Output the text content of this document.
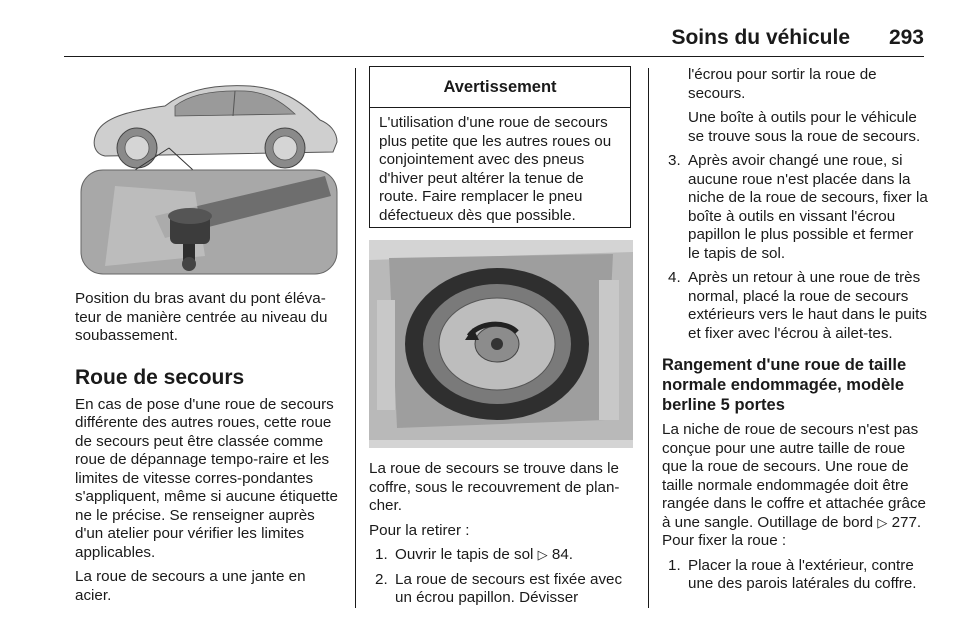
Soins du véhicule 293

Position du bras avant du pont éléva-teur de manière centrée au niveau du soubassement.

Roue de secours

En cas de pose d'une roue de secours différente des autres roues, cette roue de secours peut être classée comme roue de dépannage tempo-raire et les limites de vitesse corres-pondantes s'appliquent, même si aucune étiquette ne le précise. Se renseigner auprès d'un atelier pour vérifier les limites applicables.

La roue de secours a une jante en acier.

Avertissement
L'utilisation d'une roue de secours plus petite que les autres roues ou conjointement avec des pneus d'hiver peut altérer la tenue de route. Faire remplacer le pneu défectueux dès que possible.

La roue de secours se trouve dans le coffre, sous le recouvrement de plan-cher.

Pour la retirer :

1. Ouvrir le tapis de sol ▷ 84.
2. La roue de secours est fixée avec un écrou papillon. Dévisser

l'écrou pour sortir la roue de secours.

Une boîte à outils pour le véhicule se trouve sous la roue de secours.

3. Après avoir changé une roue, si aucune roue n'est placée dans la niche de la roue de secours, fixer la boîte à outils en vissant l'écrou papillon le plus possible et fermer le tapis de sol.
4. Après un retour à une roue de très normal, placé la roue de secours extérieurs vers le haut dans le puits et fixer avec l'écrou à ailet-tes.
Rangement d'une roue de taille normale endommagée, modèle berline 5 portes

La niche de roue de secours n'est pas conçue pour une autre taille de roue que la roue de secours. Une roue de taille normale endommagée doit être rangée dans le coffre et attachée grâce à une sangle. Outillage de bord ▷ 277. Pour fixer la roue :

1. Placer la roue à l'extérieur, contre une des parois latérales du coffre.
